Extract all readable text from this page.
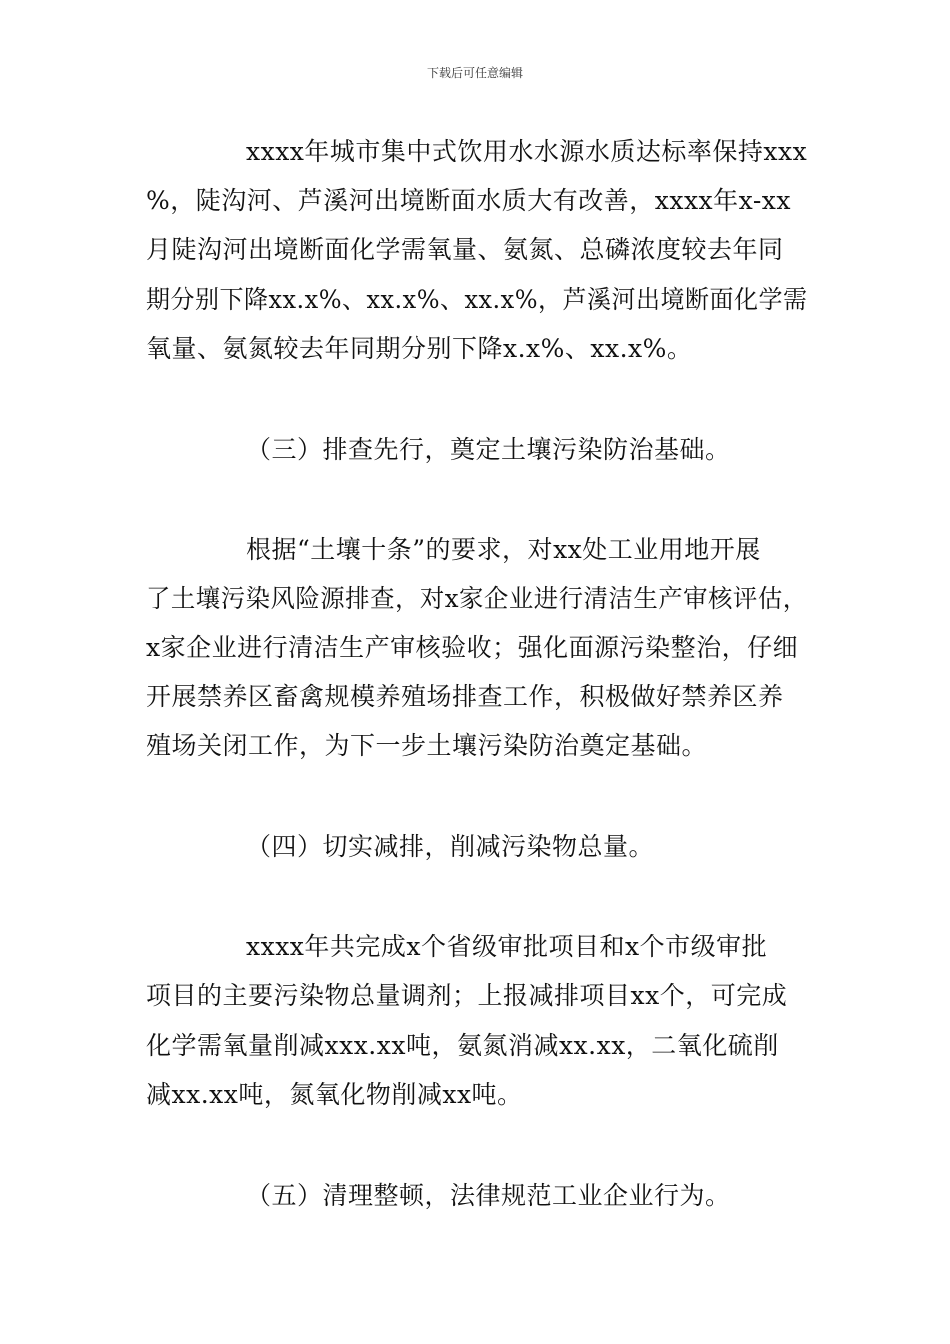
下载后可任意编辑
xxxx年城市集中式饮用水水源水质达标率保持xxx
%，陡沟河、芦溪河出境断面水质大有改善，xxxx年x-xx
月陡沟河出境断面化学需氧量、氨氮、总磷浓度较去年同
期分别下降xx.x%、xx.x%、xx.x%，芦溪河出境断面化学需
氧量、氨氮较去年同期分别下降x.x%、xx.x%。
（三）排查先行，奠定土壤污染防治基础。
根据“土壤十条”的要求，对xx处工业用地开展
了土壤污染风险源排查，对x家企业进行清洁生产审核评估，
x家企业进行清洁生产审核验收；强化面源污染整治，仔细
开展禁养区畜禽规模养殖场排查工作，积极做好禁养区养
殖场关闭工作，为下一步土壤污染防治奠定基础。
（四）切实减排，削减污染物总量。
xxxx年共完成x个省级审批项目和x个市级审批
项目的主要污染物总量调剂；上报减排项目xx个，可完成
化学需氧量削减xxx.xx吨，氨氮消减xx.xx，二氧化硫削
减xx.xx吨，氮氧化物削减xx吨。
（五）清理整顿，法律规范工业企业行为。
